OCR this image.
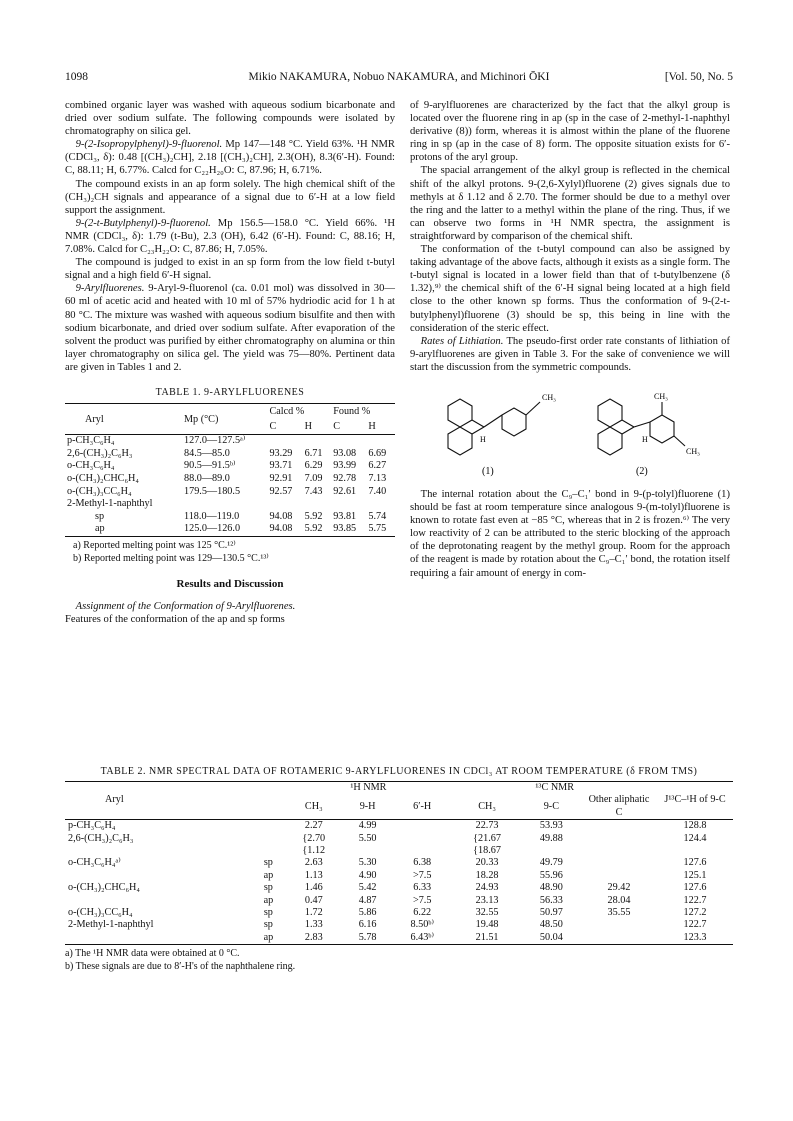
1098	Mikio NAKAMURA, Nobuo NAKAMURA, and Michinori ŌKI	[Vol. 50, No. 5

combined organic layer was washed with aqueous sodium bicarbonate and dried over sodium sulfate. The following compounds were isolated by chromatography on silica gel.

9-(2-Isopropylphenyl)-9-fluorenol. Mp 147—148 °C. Yield 63%. ¹H NMR (CDCl₃, δ): 0.48 [(CH₃)₂CH], 2.18 [(CH₃)₂CH], 2.3(OH), 8.3(6′-H). Found: C, 88.11; H, 6.77%. Calcd for C₂₂H₂₀O: C, 87.96; H, 6.71%.

The compound exists in an ap form solely. The high chemical shift of the (CH₃)₂CH signals and appearance of a signal due to 6′-H at a low field support the assignment.

9-(2-t-Butylphenyl)-9-fluorenol. Mp 156.5—158.0 °C. Yield 66%. ¹H NMR (CDCl₃, δ): 1.79 (t-Bu), 2.3 (OH), 6.42 (6′-H). Found: C, 88.16; H, 7.08%. Calcd for C₂₃H₂₂O: C, 87.86; H, 7.05%.

The compound is judged to exist in an sp form from the low field t-butyl signal and a high field 6′-H signal.

9-Arylfluorenes. 9-Aryl-9-fluorenol (ca. 0.01 mol) was dissolved in 30—60 ml of acetic acid and heated with 10 ml of 57% hydriodic acid for 1 h at 80 °C. The mixture was washed with aqueous sodium bisulfite and then with sodium bicarbonate, and dried over sodium sulfate. After evaporation of the solvent the product was purified by either chromatography on alumina or thin layer chromatography on silica gel. The yield was 75—80%. Pertinent data are given in Tables 1 and 2.

TABLE 1. 9-ARYLFLUORENES
Aryl	Mp (°C)	Calcd %		Found %	
		C	H	C	H
p-CH₃C₆H₄	127.0—127.5ᵃ⁾				
2,6-(CH₃)₂C₆H₃	84.5—85.0	93.29	6.71	93.08	6.69
o-CH₃C₆H₄	90.5—91.5ᵇ⁾	93.71	6.29	93.99	6.27
o-(CH₃)₂CHC₆H₄	88.0—89.0	92.91	7.09	92.78	7.13
o-(CH₃)₃CC₆H₄	179.5—180.5	92.57	7.43	92.61	7.40
2-Methyl-1-naphthyl					
sp	118.0—119.0	94.08	5.92	93.81	5.74
ap	125.0—126.0	94.08	5.92	93.85	5.75
a) Reported melting point was 125 °C.¹²⁾
b) Reported melting point was 129—130.5 °C.¹³⁾
Results and Discussion

Assignment of the Conformation of 9-Arylfluorenes.

Features of the conformation of the ap and sp forms

of 9-arylfluorenes are characterized by the fact that the alkyl group is located over the fluorene ring in ap (sp in the case of 2-methyl-1-naphthyl derivative (8)) form, whereas it is almost within the plane of the fluorene ring in sp (ap in the case of 8) form. The opposite situation exists for 6′-protons of the aryl group.

The spacial arrangement of the alkyl group is reflected in the chemical shift of the alkyl protons. 9-(2,6-Xylyl)fluorene (2) gives signals due to methyls at δ 1.12 and δ 2.70. The former should be due to a methyl over the ring and the latter to a methyl within the plane of the ring. Thus, if we can observe two forms in ¹H NMR spectra, the assignment is straightforward by comparison of the chemical shift.

The conformation of the t-butyl compound can also be assigned by taking advantage of the above facts, although it exists as a single form. The t-butyl signal is located in a lower field than that of t-butylbenzene (δ 1.32),⁹⁾ the chemical shift of the 6′-H signal being located at a high field close to the other known sp forms. Thus the conformation of 9-(2-t-butylphenyl)fluorene (3) should be sp, this being in line with the consideration of the steric effect.

Rates of Lithiation. The pseudo-first order rate constants of lithiation of 9-arylfluorenes are given in Table 3. For the sake of convenience we will start the discussion from the symmetric compounds.

CH₃
H
CH₃
H
CH₃
(1)	(2)

The internal rotation about the C₉–C₁′ bond in 9-(p-tolyl)fluorene (1) should be fast at room temperature since analogous 9-(m-tolyl)fluorene is known to rotate fast even at −85 °C, whereas that in 2 is frozen.⁶⁾ The very low reactivity of 2 can be attributed to the steric blocking of the approach of the deprotonating reagent by the methyl group. Room for the approach of the reagent is made by rotation about the C₉–C₁′ bond, the rotation itself requiring a fair amount of energy in com-

TABLE 2. NMR SPECTRAL DATA OF ROTAMERIC 9-ARYLFLUORENES IN CDCl₃ AT ROOM TEMPERATURE (δ FROM TMS)
Aryl		¹H NMR			¹³C NMR			J¹³C–¹H of 9-C
		CH₃	9-H	6′-H	CH₃	9-C	Other aliphatic C	
p-CH₃C₆H₄		2.27	4.99		22.73	53.93		128.8
2,6-(CH₃)₂C₆H₃		{2.70	5.50		{21.67	49.88		124.4
		{1.12			{18.67			
o-CH₃C₆H₄ᵃ⁾	sp	2.63	5.30	6.38	20.33	49.79		127.6
	ap	1.13	4.90	>7.5	18.28	55.96		125.1
o-(CH₃)₂CHC₆H₄	sp	1.46	5.42	6.33	24.93	48.90	29.42	127.6
	ap	0.47	4.87	>7.5	23.13	56.33	28.04	122.7
o-(CH₃)₃CC₆H₄	sp	1.72	5.86	6.22	32.55	50.97	35.55	127.2
2-Methyl-1-naphthyl	sp	1.33	6.16	8.50ᵇ⁾	19.48	48.50		122.7
	ap	2.83	5.78	6.43ᵇ⁾	21.51	50.04		123.3
a) The ¹H NMR data were obtained at 0 °C.
b) These signals are due to 8′-H's of the naphthalene ring.
